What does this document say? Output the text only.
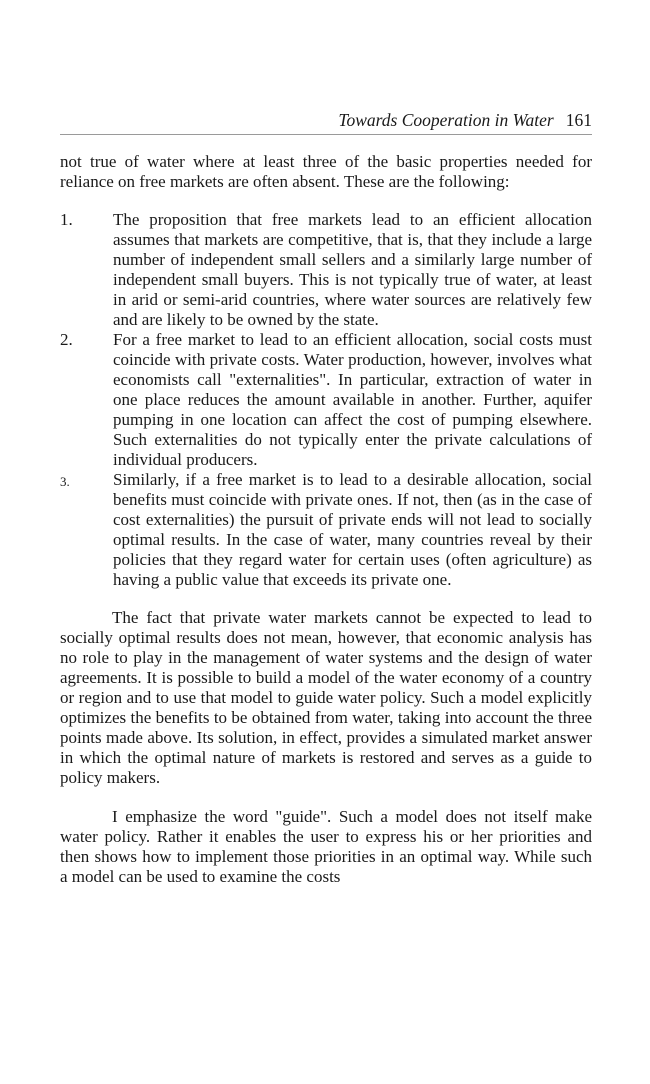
Towards Cooperation in Water 161

not true of water where at least three of the basic properties needed for reliance on free markets are often absent. These are the following:

1.	The proposition that free markets lead to an efficient allocation assumes that markets are competitive, that is, that they include a large number of independent small sellers and a similarly large number of independent small buyers. This is not typically true of water, at least in arid or semi-arid countries, where water sources are relatively few and are likely to be owned by the state.
2.	For a free market to lead to an efficient allocation, social costs must coincide with private costs. Water production, however, involves what economists call "externalities". In particular, extraction of water in one place reduces the amount available in another. Further, aquifer pumping in one location can affect the cost of pumping elsewhere. Such externalities do not typically enter the private calculations of individual producers.
3.	Similarly, if a free market is to lead to a desirable allocation, social benefits must coincide with private ones. If not, then (as in the case of cost externalities) the pursuit of private ends will not lead to socially optimal results. In the case of water, many countries reveal by their policies that they regard water for certain uses (often agriculture) as having a public value that exceeds its private one.

The fact that private water markets cannot be expected to lead to socially optimal results does not mean, however, that economic analysis has no role to play in the management of water systems and the design of water agreements. It is possible to build a model of the water economy of a country or region and to use that model to guide water policy. Such a model explicitly optimizes the benefits to be obtained from water, taking into account the three points made above. Its solution, in effect, provides a simulated market answer in which the optimal nature of markets is restored and serves as a guide to policy makers.

I emphasize the word "guide". Such a model does not itself make water policy. Rather it enables the user to express his or her priorities and then shows how to implement those priorities in an optimal way. While such a model can be used to examine the costs
